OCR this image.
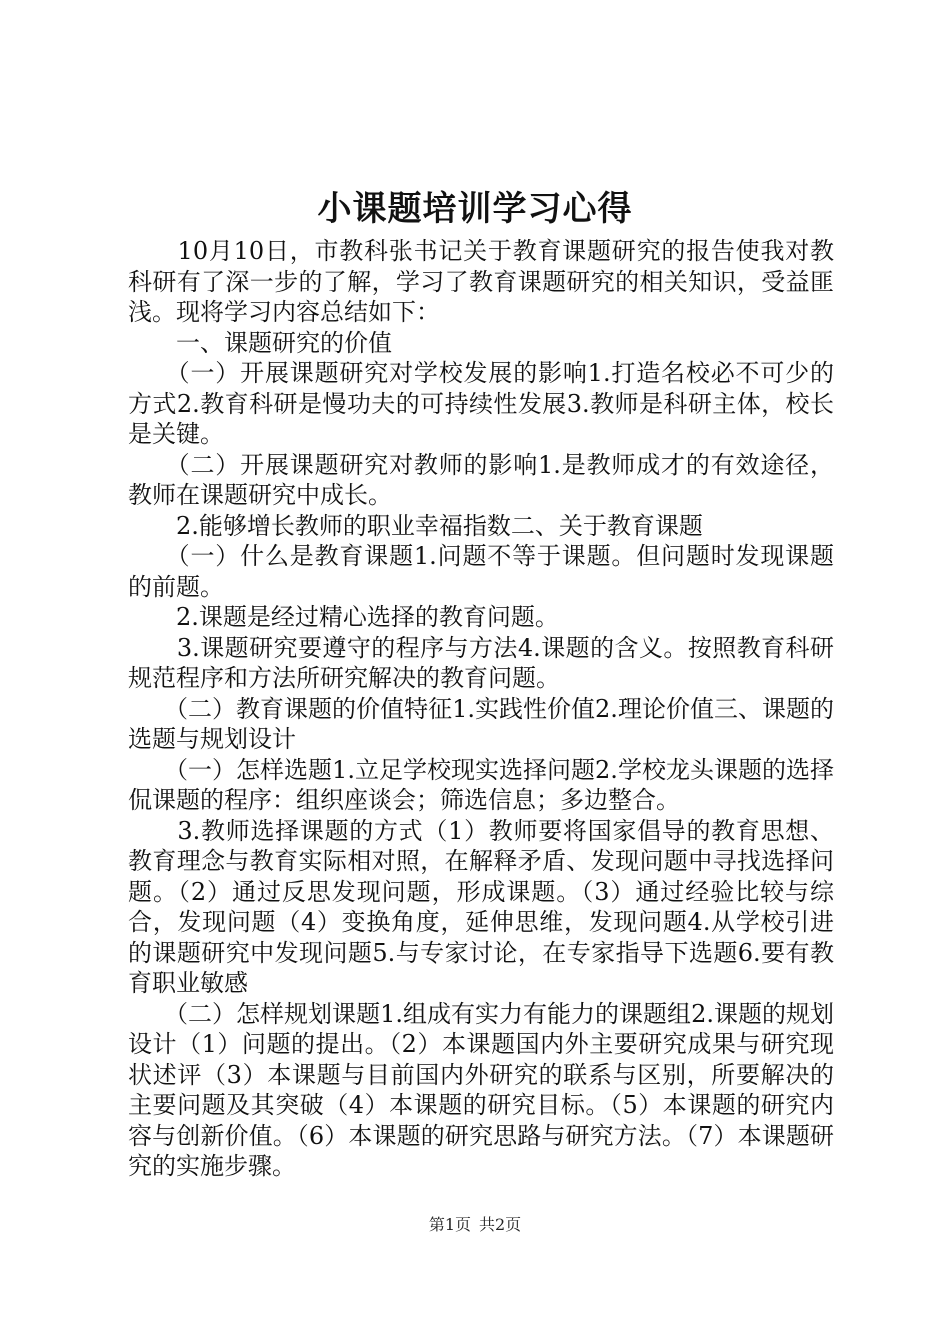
小课题培训学习心得

　　10月10日，市教科张书记关于教育课题研究的报告使我对教科研有了深一步的了解，学习了教育课题研究的相关知识，受益匪浅。现将学习内容总结如下：

　　一、课题研究的价值

　　（一）开展课题研究对学校发展的影响1.打造名校必不可少的方式2.教育科研是慢功夫的可持续性发展3.教师是科研主体，校长是关键。

　　（二）开展课题研究对教师的影响1.是教师成才的有效途径，教师在课题研究中成长。

　　2.能够增长教师的职业幸福指数二、关于教育课题

　　（一）什么是教育课题1.问题不等于课题。但问题时发现课题的前题。

　　2.课题是经过精心选择的教育问题。

　　3.课题研究要遵守的程序与方法4.课题的含义。按照教育科研规范程序和方法所研究解决的教育问题。

　　（二）教育课题的价值特征1.实践性价值2.理论价值三、课题的选题与规划设计

　　（一）怎样选题1.立足学校现实选择问题2.学校龙头课题的选择侃课题的程序：组织座谈会；筛选信息；多边整合。

　　3.教师选择课题的方式（1）教师要将国家倡导的教育思想、教育理念与教育实际相对照，在解释矛盾、发现问题中寻找选择问题。（2）通过反思发现问题，形成课题。（3）通过经验比较与综合，发现问题（4）变换角度，延伸思维，发现问题4.从学校引进的课题研究中发现问题5.与专家讨论，在专家指导下选题6.要有教育职业敏感

　　（二）怎样规划课题1.组成有实力有能力的课题组2.课题的规划设计（1）问题的提出。（2）本课题国内外主要研究成果与研究现状述评（3）本课题与目前国内外研究的联系与区别，所要解决的主要问题及其突破（4）本课题的研究目标。（5）本课题的研究内容与创新价值。（6）本课题的研究思路与研究方法。（7）本课题研究的实施步骤。

第1页 共2页
